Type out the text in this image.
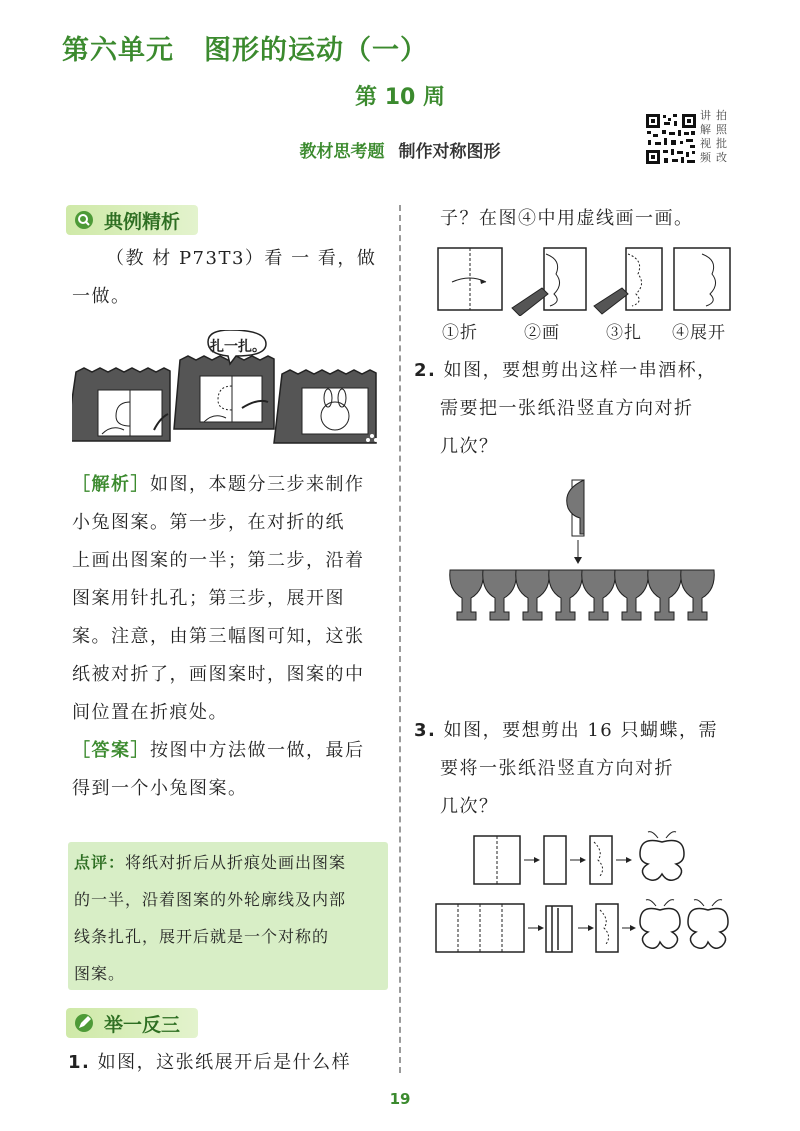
第六单元 图形的运动（一）
第 10 周
教材思考题 制作对称图形
讲 拍
解 照
视 批
频 改
典例精析
（教 材 P73T3）看 一 看，做
一做。
扎一扎。
［解析］如图，本题分三步来制作
小兔图案。第一步，在对折的纸
上画出图案的一半；第二步，沿着
图案用针扎孔；第三步，展开图
案。注意，由第三幅图可知，这张
纸被对折了，画图案时，图案的中
间位置在折痕处。
［答案］按图中方法做一做，最后
得到一个小兔图案。
点评：将纸对折后从折痕处画出图案
的一半，沿着图案的外轮廓线及内部
线条扎孔，展开后就是一个对称的
图案。
举一反三
1. 如图，这张纸展开后是什么样
子？在图④中用虚线画一画。
①折	②画	③扎	④展开
2. 如图，要想剪出这样一串酒杯，
需要把一张纸沿竖直方向对折
几次？
3. 如图，要想剪出 16 只蝴蝶，需
要将一张纸沿竖直方向对折
几次？
19
